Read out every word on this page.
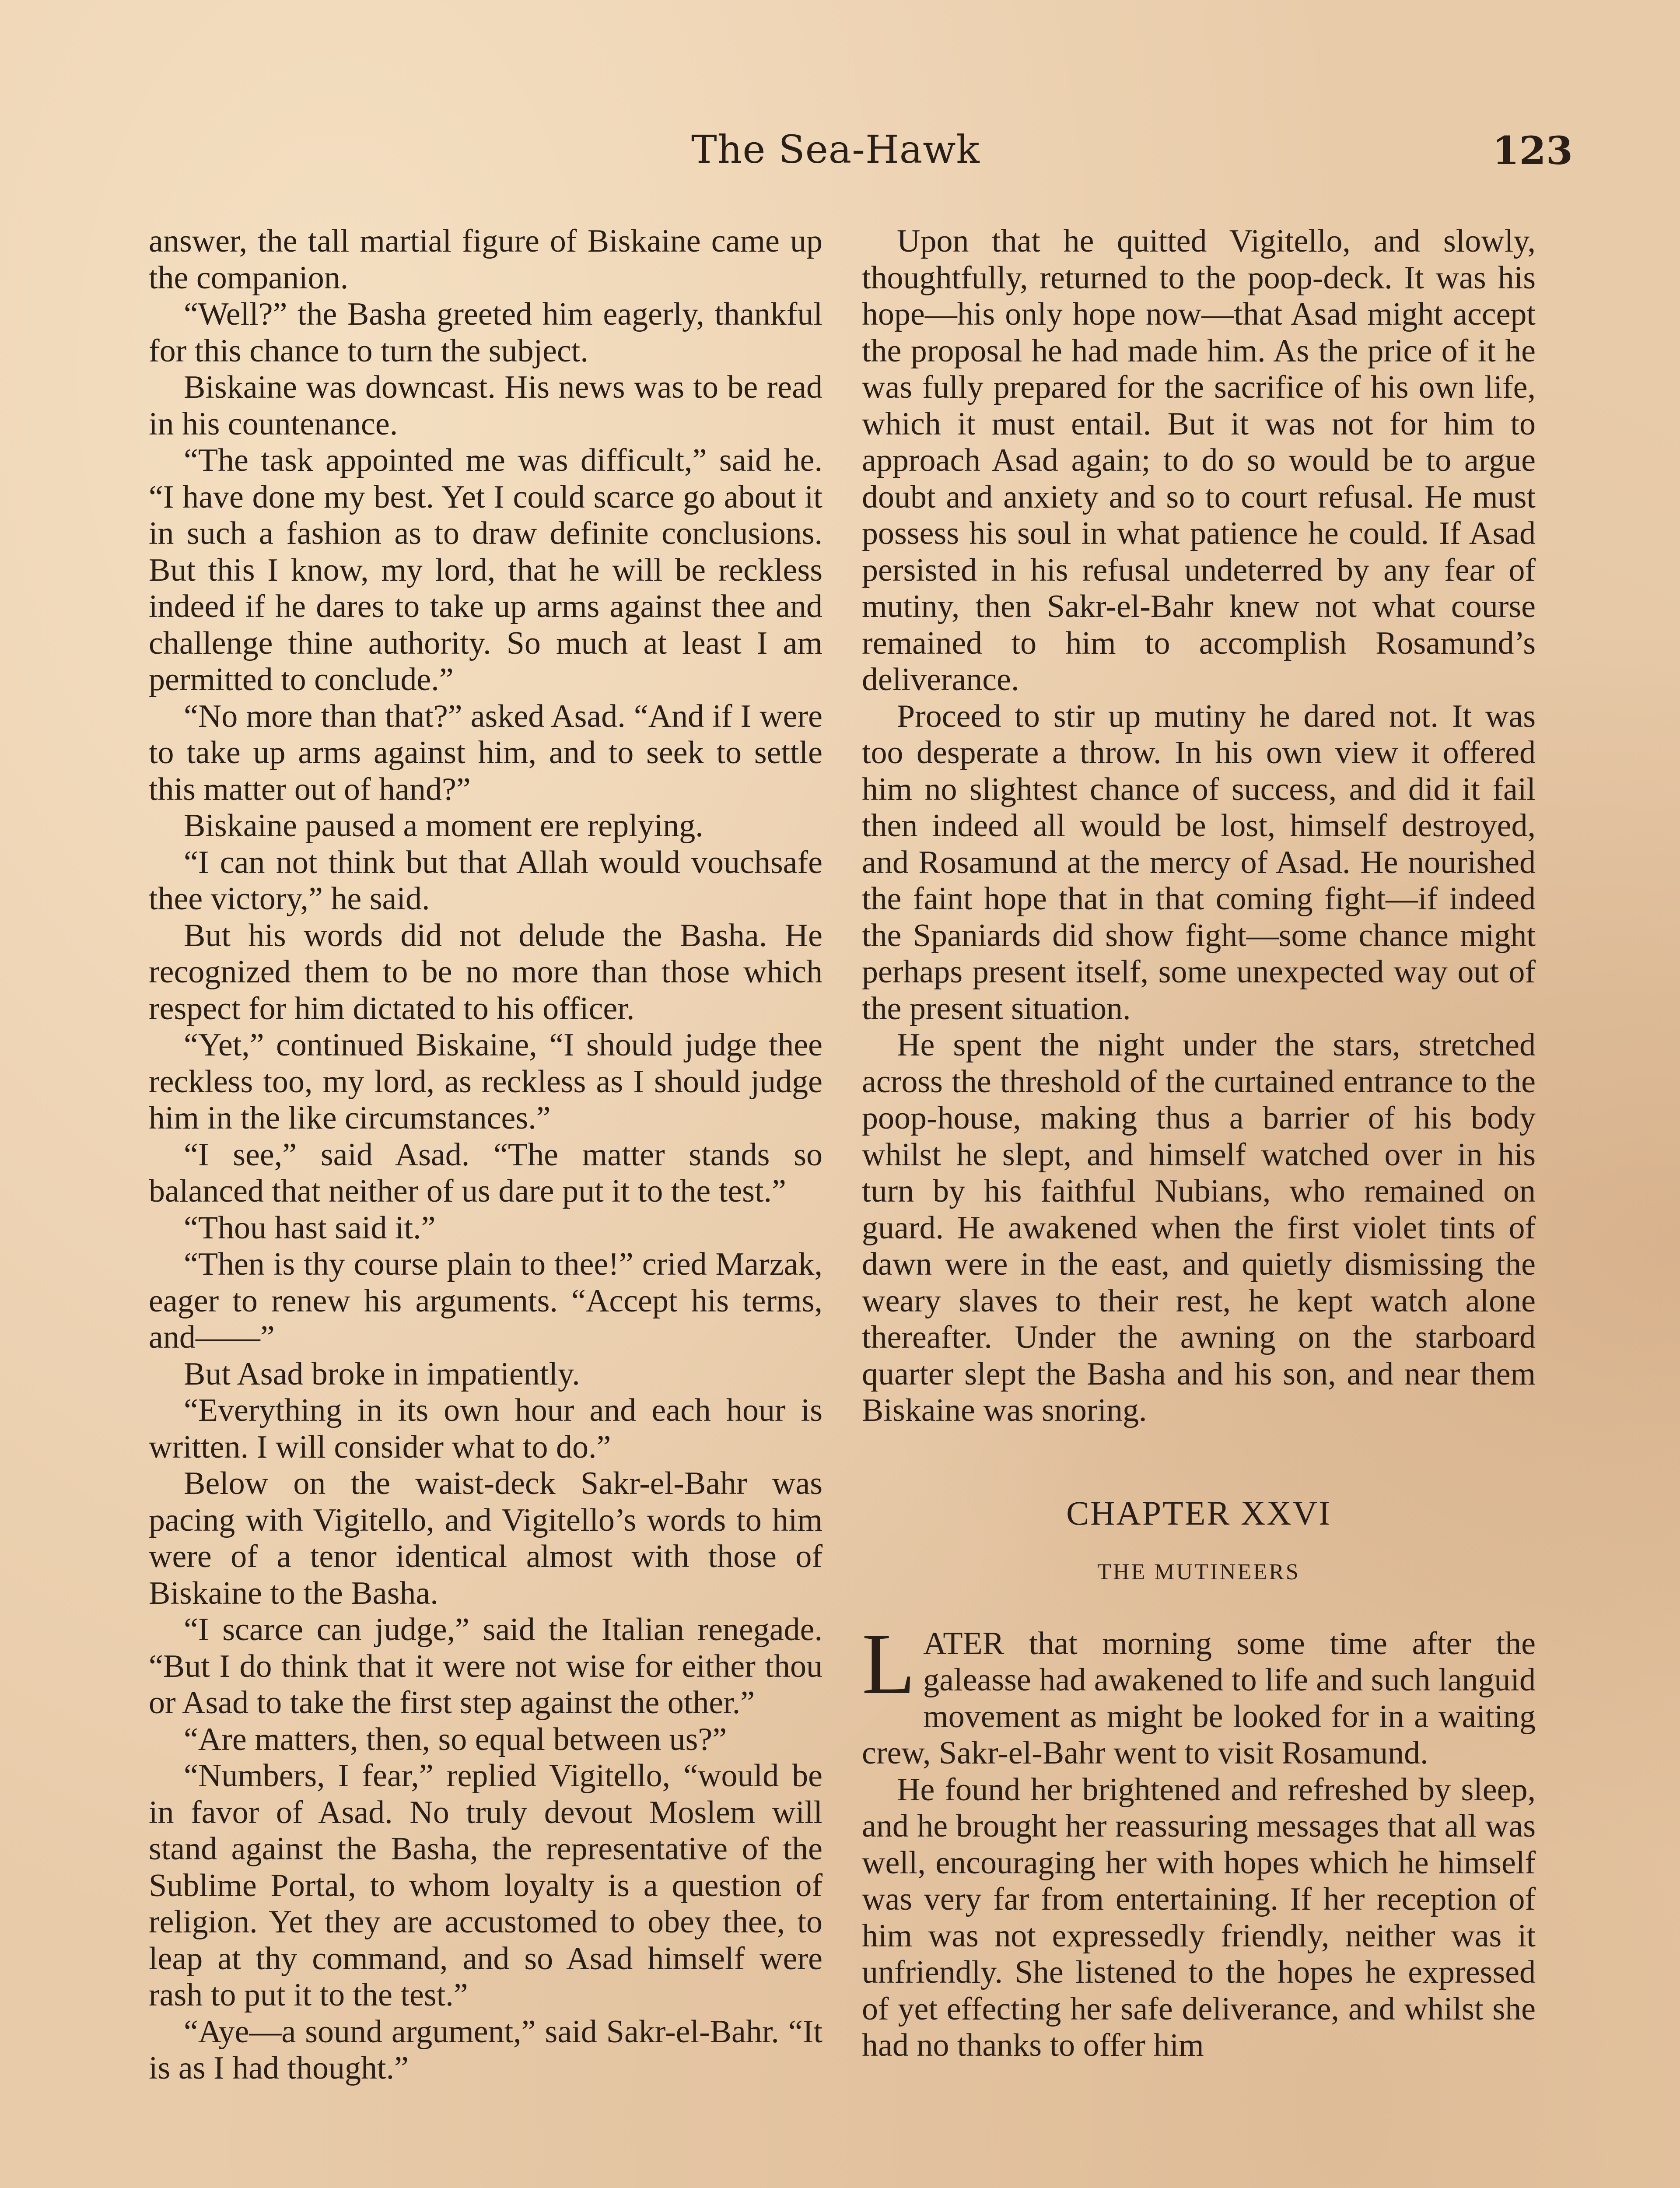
The Sea-Hawk	123

answer, the tall martial figure of Biskaine came up the companion.

“Well?” the Basha greeted him eagerly, thankful for this chance to turn the subject.

Biskaine was downcast. His news was to be read in his countenance.

“The task appointed me was difficult,” said he. “I have done my best. Yet I could scarce go about it in such a fashion as to draw definite conclusions. But this I know, my lord, that he will be reckless indeed if he dares to take up arms against thee and challenge thine authority. So much at least I am permitted to conclude.”

“No more than that?” asked Asad. “And if I were to take up arms against him, and to seek to settle this matter out of hand?”

Biskaine paused a moment ere replying.

“I can not think but that Allah would vouchsafe thee victory,” he said.

But his words did not delude the Basha. He recognized them to be no more than those which respect for him dictated to his officer.

“Yet,” continued Biskaine, “I should judge thee reckless too, my lord, as reckless as I should judge him in the like circumstances.”

“I see,” said Asad. “The matter stands so balanced that neither of us dare put it to the test.”

“Thou hast said it.”

“Then is thy course plain to thee!” cried Marzak, eager to renew his arguments. “Accept his terms, and——”

But Asad broke in impatiently.

“Everything in its own hour and each hour is written. I will consider what to do.”

Below on the waist-deck Sakr-el-Bahr was pacing with Vigitello, and Vigitello’s words to him were of a tenor identical almost with those of Biskaine to the Basha.

“I scarce can judge,” said the Italian renegade. “But I do think that it were not wise for either thou or Asad to take the first step against the other.”

“Are matters, then, so equal between us?”

“Numbers, I fear,” replied Vigitello, “would be in favor of Asad. No truly devout Moslem will stand against the Basha, the representative of the Sublime Portal, to whom loyalty is a question of religion. Yet they are accustomed to obey thee, to leap at thy command, and so Asad himself were rash to put it to the test.”

“Aye—a sound argument,” said Sakr-el-Bahr. “It is as I had thought.”

Upon that he quitted Vigitello, and slowly, thoughtfully, returned to the poop-deck. It was his hope—his only hope now—that Asad might accept the proposal he had made him. As the price of it he was fully prepared for the sacrifice of his own life, which it must entail. But it was not for him to approach Asad again; to do so would be to argue doubt and anxiety and so to court refusal. He must possess his soul in what patience he could. If Asad persisted in his refusal undeterred by any fear of mutiny, then Sakr-el-Bahr knew not what course remained to him to accomplish Rosamund’s deliverance.

Proceed to stir up mutiny he dared not. It was too desperate a throw. In his own view it offered him no slightest chance of success, and did it fail then indeed all would be lost, himself destroyed, and Rosamund at the mercy of Asad. He nourished the faint hope that in that coming fight—if indeed the Spaniards did show fight—some chance might perhaps present itself, some unexpected way out of the present situation.

He spent the night under the stars, stretched across the threshold of the curtained entrance to the poop-house, making thus a barrier of his body whilst he slept, and himself watched over in his turn by his faithful Nubians, who remained on guard. He awakened when the first violet tints of dawn were in the east, and quietly dismissing the weary slaves to their rest, he kept watch alone thereafter. Under the awning on the starboard quarter slept the Basha and his son, and near them Biskaine was snoring.

CHAPTER XXVI
THE MUTINEERS

LATER that morning some time after the galeasse had awakened to life and such languid movement as might be looked for in a waiting crew, Sakr-el-Bahr went to visit Rosamund.

He found her brightened and refreshed by sleep, and he brought her reassuring messages that all was well, encouraging her with hopes which he himself was very far from entertaining. If her reception of him was not expressedly friendly, neither was it unfriendly. She listened to the hopes he expressed of yet effecting her safe deliverance, and whilst she had no thanks to offer him
